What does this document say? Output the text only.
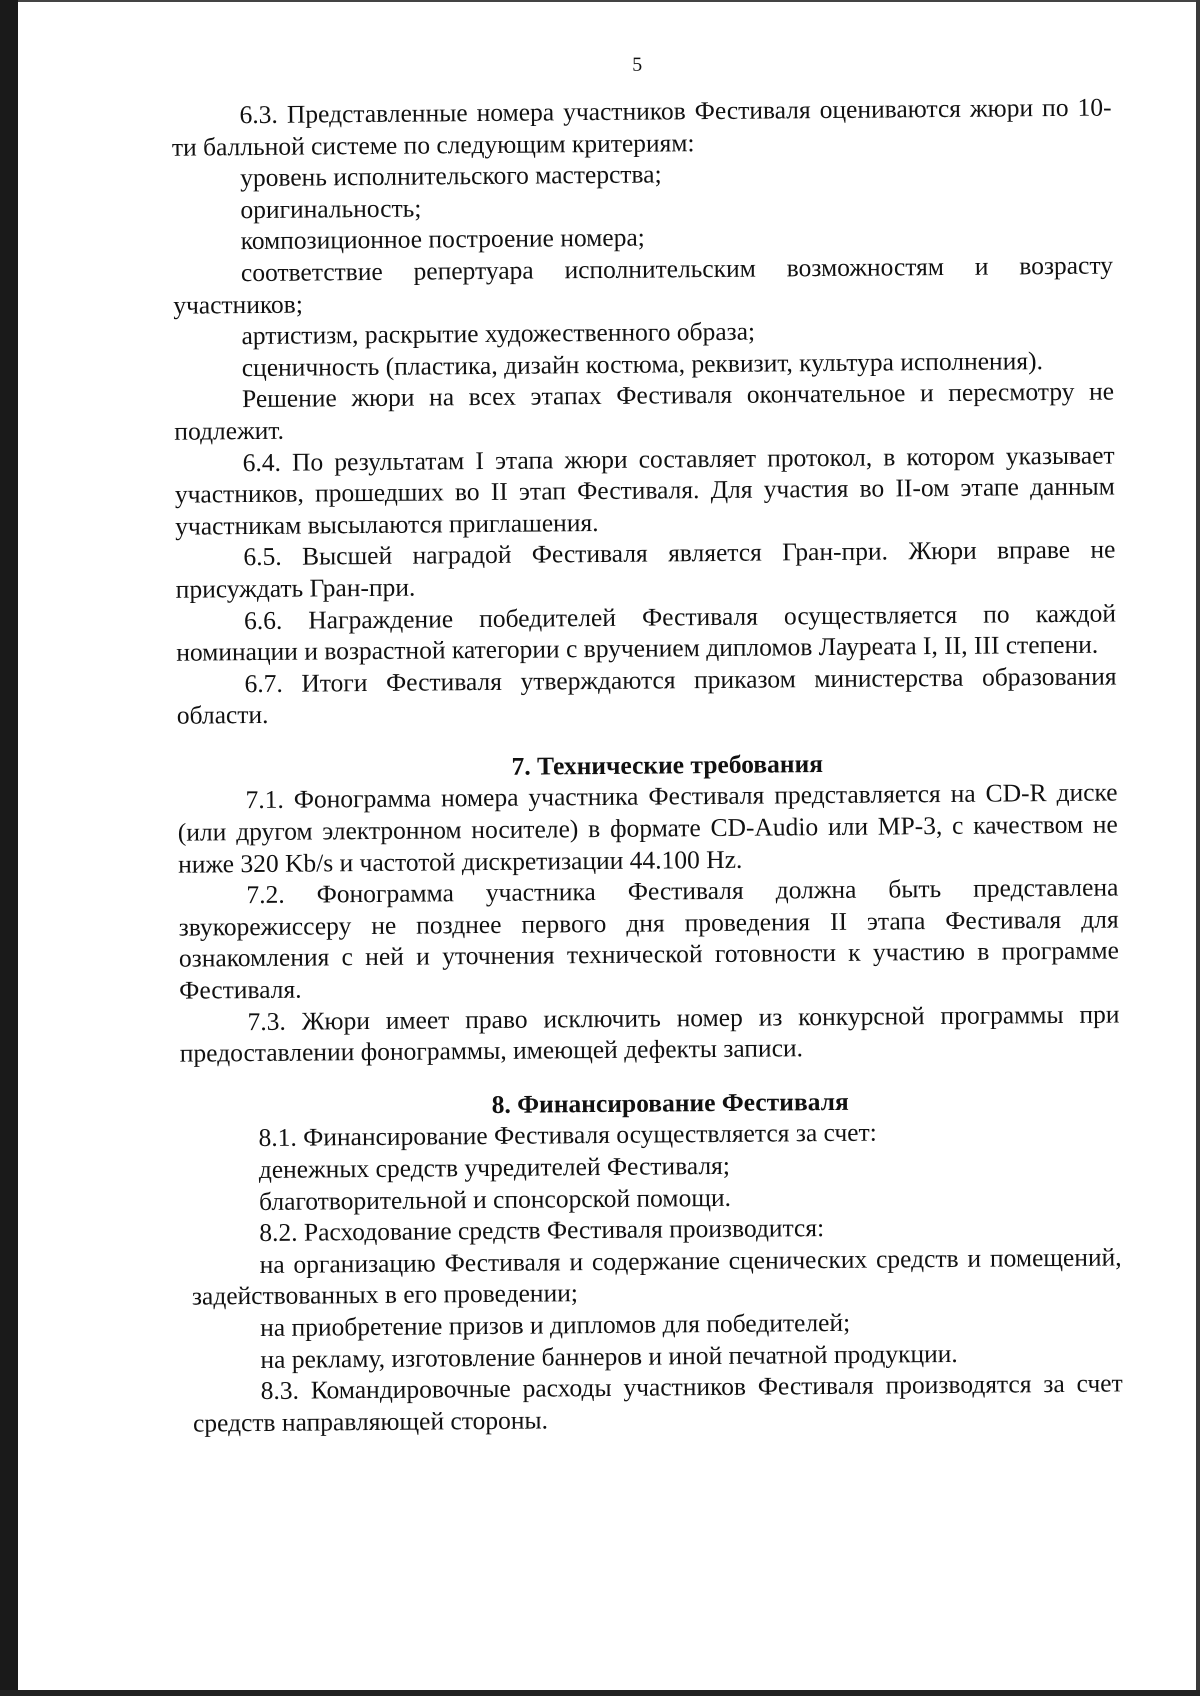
5

6.3. Представленные номера участников Фестиваля оцениваются жюри по 10-ти балльной системе по следующим критериям:

уровень исполнительского мастерства;

оригинальность;

композиционное построение номера;

соответствие репертуара исполнительским возможностям и возрасту участников;

артистизм, раскрытие художественного образа;

сценичность (пластика, дизайн костюма, реквизит, культура исполнения).

Решение жюри на всех этапах Фестиваля окончательное и пересмотру не подлежит.

6.4. По результатам I этапа жюри составляет протокол, в котором указывает участников, прошедших во II этап Фестиваля. Для участия во II-ом этапе данным участникам высылаются приглашения.

6.5. Высшей наградой Фестиваля является Гран-при. Жюри вправе не присуждать Гран-при.

6.6. Награждение победителей Фестиваля осуществляется по каждой номинации и возрастной категории с вручением дипломов Лауреата I, II, III степени.

6.7. Итоги Фестиваля утверждаются приказом министерства образования области.

7. Технические требования

7.1. Фонограмма номера участника Фестиваля представляется на CD-R диске (или другом электронном носителе) в формате CD-Audio или MP-3, с качеством не ниже 320 Kb/s и частотой дискретизации 44.100 Hz.

7.2. Фонограмма участника Фестиваля должна быть представлена звукорежиссеру не позднее первого дня проведения II этапа Фестиваля для ознакомления с ней и уточнения технической готовности к участию в программе Фестиваля.

7.3. Жюри имеет право исключить номер из конкурсной программы при предоставлении фонограммы, имеющей дефекты записи.

8. Финансирование Фестиваля

8.1. Финансирование Фестиваля осуществляется за счет:

денежных средств учредителей Фестиваля;

благотворительной и спонсорской помощи.

8.2. Расходование средств Фестиваля производится:

на организацию Фестиваля и содержание сценических средств и помещений, задействованных в его проведении;

на приобретение призов и дипломов для победителей;

на рекламу, изготовление баннеров и иной печатной продукции.

8.3. Командировочные расходы участников Фестиваля производятся за счет средств направляющей стороны.
